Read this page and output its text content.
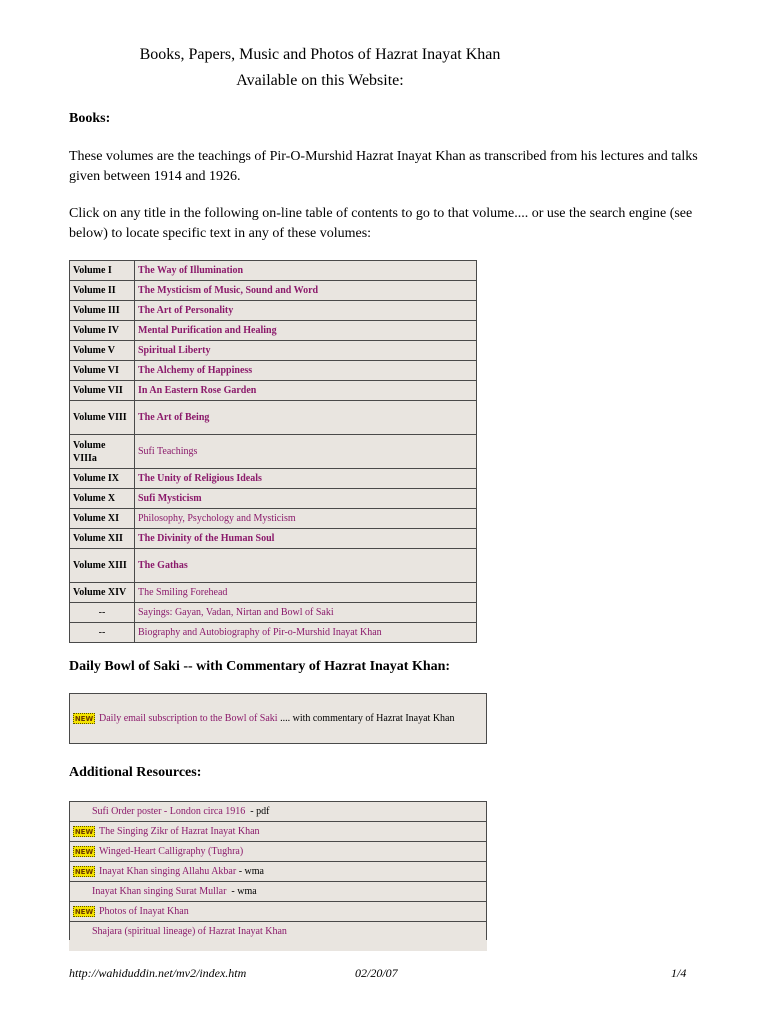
Books, Papers, Music and Photos of Hazrat Inayat Khan
Available on this Website:
Books:
These volumes are the teachings of Pir-O-Murshid Hazrat Inayat Khan as transcribed from his lectures and talks given between 1914 and 1926.
Click on any title in the following on-line table of contents to go to that volume.... or use the search engine (see below) to locate specific text in any of these volumes:
Volume I	The Way of Illumination
Volume II	The Mysticism of Music, Sound and Word
Volume III	The Art of Personality
Volume IV	Mental Purification and Healing
Volume V	Spiritual Liberty
Volume VI	The Alchemy of Happiness
Volume VII	In An Eastern Rose Garden
Volume VIII	The Art of Being
Volume VIIIa	Sufi Teachings
Volume IX	The Unity of Religious Ideals
Volume X	Sufi Mysticism
Volume XI	Philosophy, Psychology and Mysticism
Volume XII	The Divinity of the Human Soul
Volume XIII	The Gathas
Volume XIV	The Smiling Forehead
--	Sayings: Gayan, Vadan, Nirtan and Bowl of Saki
--	Biography and Autobiography of Pir-o-Murshid Inayat Khan
Daily Bowl of Saki -- with Commentary of Hazrat Inayat Khan:
NEW Daily email subscription to the Bowl of Saki .... with commentary of Hazrat Inayat Khan
Additional Resources:
Sufi Order poster - London circa 1916  - pdf
NEW The Singing Zikr of Hazrat Inayat Khan
NEW Winged-Heart Calligraphy (Tughra)
NEW Inayat Khan singing Allahu Akbar - wma
Inayat Khan singing Surat Mullar  - wma
NEW Photos of Inayat Khan
Shajara (spiritual lineage) of Hazrat Inayat Khan
http://wahiduddin.net/mv2/index.htm	02/20/07	1/4
